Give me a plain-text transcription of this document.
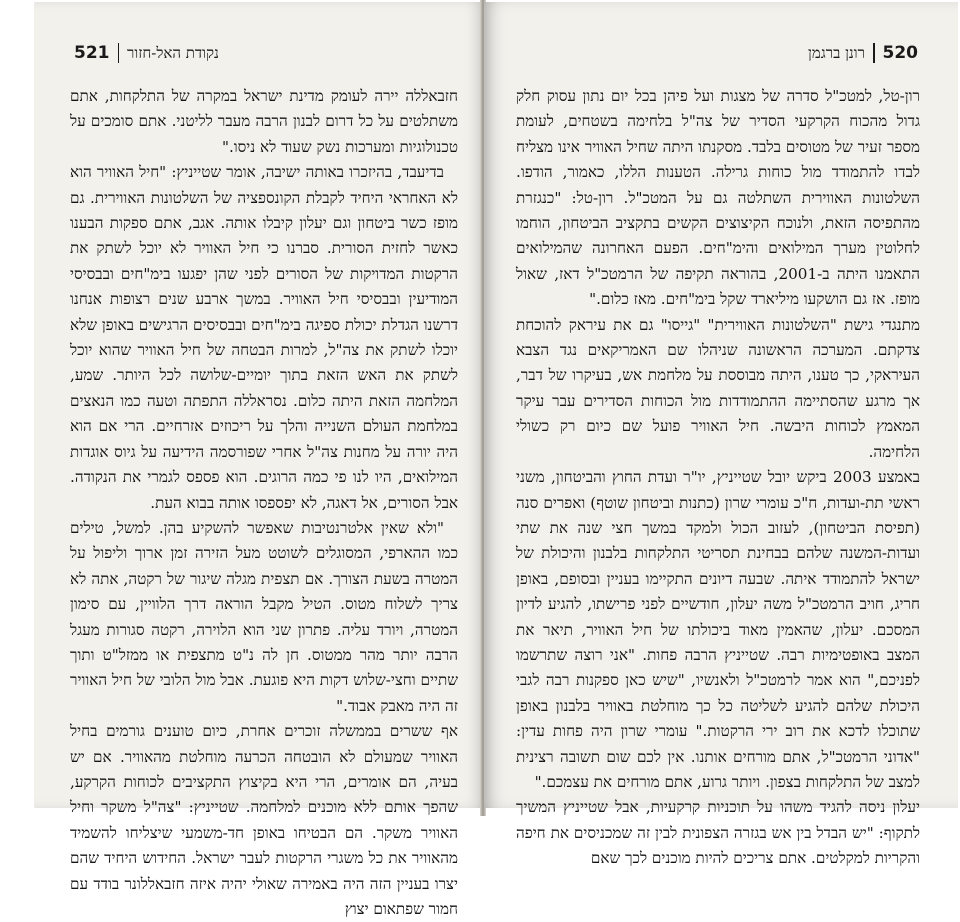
521 נקודת האל-חזור

חזבאללה יירה לעומק מדינת ישראל במקרה של התלקחות, אתם משתלטים על כל דרום לבנון הרבה מעבר לליטני. אתם סומכים על טכנולוגיות ומערכות נשק שעוד לא ניסו."

בדיעבד, בהיזכרו באותה ישיבה, אומר שטייניץ: "חיל האוויר הוא לא האחראי היחיד לקבלת הקונספציה של השלטונות האווירית. גם מופז כשר ביטחון וגם יעלון קיבלו אותה. אגב, אתם ספקות הבענו כאשר לחזית הסורית. סברנו כי חיל האוויר לא יוכל לשתק את הרקטות המדויקות של הסורים לפני שהן יפגעו בימ"חים ובבסיסי המודיעין ובבסיסי חיל האוויר. במשך ארבע שנים רצופות אנחנו דרשנו הגדלת יכולת ספיגה בימ"חים ובבסיסים הרגישים באופן שלא יוכלו לשתק את צה"ל, למרות הבטחה של חיל האוויר שהוא יוכל לשתק את האש הזאת בתוך יומיים-שלושה לכל היותר. שמע, המלחמה הזאת היתה כלום. נסראללה התפתה וטעה כמו הנאצים במלחמת העולם השנייה והלך על ריכוזים אזרחיים. הרי אם הוא היה יורה על מחנות צה"ל אחרי שפורסמה הידיעה על גיוס אוגדות המילואים, היו לנו פי כמה הרוגים. הוא פספס לגמרי את הנקודה. אבל הסורים, אל דאגה, לא יפספסו אותה בבוא העת.

"ולא שאין אלטרנטיבות שאפשר להשקיע בהן. למשל, טילים כמו ההארפי, המסוגלים לשוטט מעל הזירה זמן ארוך וליפול על המטרה בשעת הצורך. אם תצפית מגלה שיגור של רקטה, אתה לא צריך לשלוח מטוס. הטיל מקבל הוראה דרך הלוויין, עם סימון המטרה, ויורד עליה. פתרון שני הוא הלוירה, רקטה סגורות מעגל הרבה יותר מהר ממטוס. חן לה נ"ט מתצפית או ממזל"ט ותוך שתיים וחצי-שלוש דקות היא פוגעת. אבל מול הלובי של חיל האוויר זה היה מאבק אבוד."

אף ששרים בממשלה זוכרים אחרת, כיום טוענים גורמים בחיל האוויר שמעולם לא הובטחה הכרעה מוחלטת מהאוויר. אם יש בעיה, הם אומרים, הרי היא בקיצוץ התקציבים לכוחות הקרקע, שהפך אותם ללא מוכנים למלחמה. שטייניץ: "צה"ל משקר וחיל האוויר משקר. הם הבטיחו באופן חד-משמעי שיצליחו להשמיד מהאוויר את כל משגרי הרקטות לעבר ישראל. החידוש היחיד שהם יצרו בעניין הזה היה באמירה שאולי יהיה איזה חזבאללונר בודד עם חמור שפתאום יצוץ

רונן ברגמן 520

רון-טל, למטכ"ל סדרה של מצגות ועל פיהן בכל יום נתון עסוק חלק גדול מהכוח הקרקעי הסדיר של צה"ל בלחימה בשטחים, לעומת מספר זעיר של מטוסים בלבד. מסקנתו היתה שחיל האוויר אינו מצליח לבדו להתמודד מול כוחות גרילה. הטענות הללו, כאמור, הודפו. השלטונות האווירית השתלטה גם על המטכ"ל. רון-טל: "כנגזרת מהתפיסה הזאת, ולנוכח הקיצוצים הקשים בתקציב הביטחון, הוחמו לחלוטין מערך המילואים והימ"חים. הפעם האחרונה שהמילואים התאמנו היתה ב-2001, בהוראה תקיפה של הרמטכ"ל דאז, שאול מופז. אז גם הושקעו מיליארד שקל בימ"חים. מאז כלום."

מתנגדי גישת "השלטונות האווירית" "גייסו" גם את עיראק להוכחת צדקתם. המערכה הראשונה שניהלו שם האמריקאים נגד הצבא העיראקי, כך טענו, היתה מבוססת על מלחמת אש, בעיקרו של דבר, אך מרגע שהסתיימה ההתמודדות מול הכוחות הסדירים עבר עיקר המאמץ לכוחות היבשה. חיל האוויר פועל שם כיום רק כשולי הלחימה.

באמצע 2003 ביקש יובל שטייניץ, יו"ר ועדת החוץ והביטחון, משני ראשי תת-ועדות, ח"כ עומרי שרון (כתנות וביטחון שוטף) ואפרים סנה (תפיסת הביטחון), לעזוב הכול ולמקד במשך חצי שנה את שתי ועדות-המשנה שלהם בבחינת תסריטי התלקחות בלבנון והיכולת של ישראל להתמודד איתה. שבעה דיונים התקיימו בעניין ובסופם, באופן חריג, חויב הרמטכ"ל משה יעלון, חודשיים לפני פרישתו, להגיע לדיון המסכם. יעלון, שהאמין מאוד ביכולתו של חיל האוויר, תיאר את המצב באופטימיות רבה. שטייניץ הרבה פחות. "אני רוצה שתרשמו לפניכם," הוא אמר לרמטכ"ל ולאנשיו, "שיש כאן ספקנות רבה לגבי היכולת שלהם להגיע לשליטה כל כך מוחלטת באוויר בלבנון באופן שתוכלו לדכא את רוב ירי הרקטות." עומרי שרון היה פחות עדין: "אדוני הרמטכ"ל, אתם מורחים אותנו. אין לכם שום תשובה רצינית למצב של התלקחות בצפון. ויותר גרוע, אתם מורחים את עצמכם."

יעלון ניסה להגיד משהו על תוכניות קרקעיות, אבל שטייניץ המשיך לתקוף: "יש הבדל בין אש בגזרה הצפונית לבין זה שמכניסים את חיפה והקריות למקלטים. אתם צריכים להיות מוכנים לכך שאם
